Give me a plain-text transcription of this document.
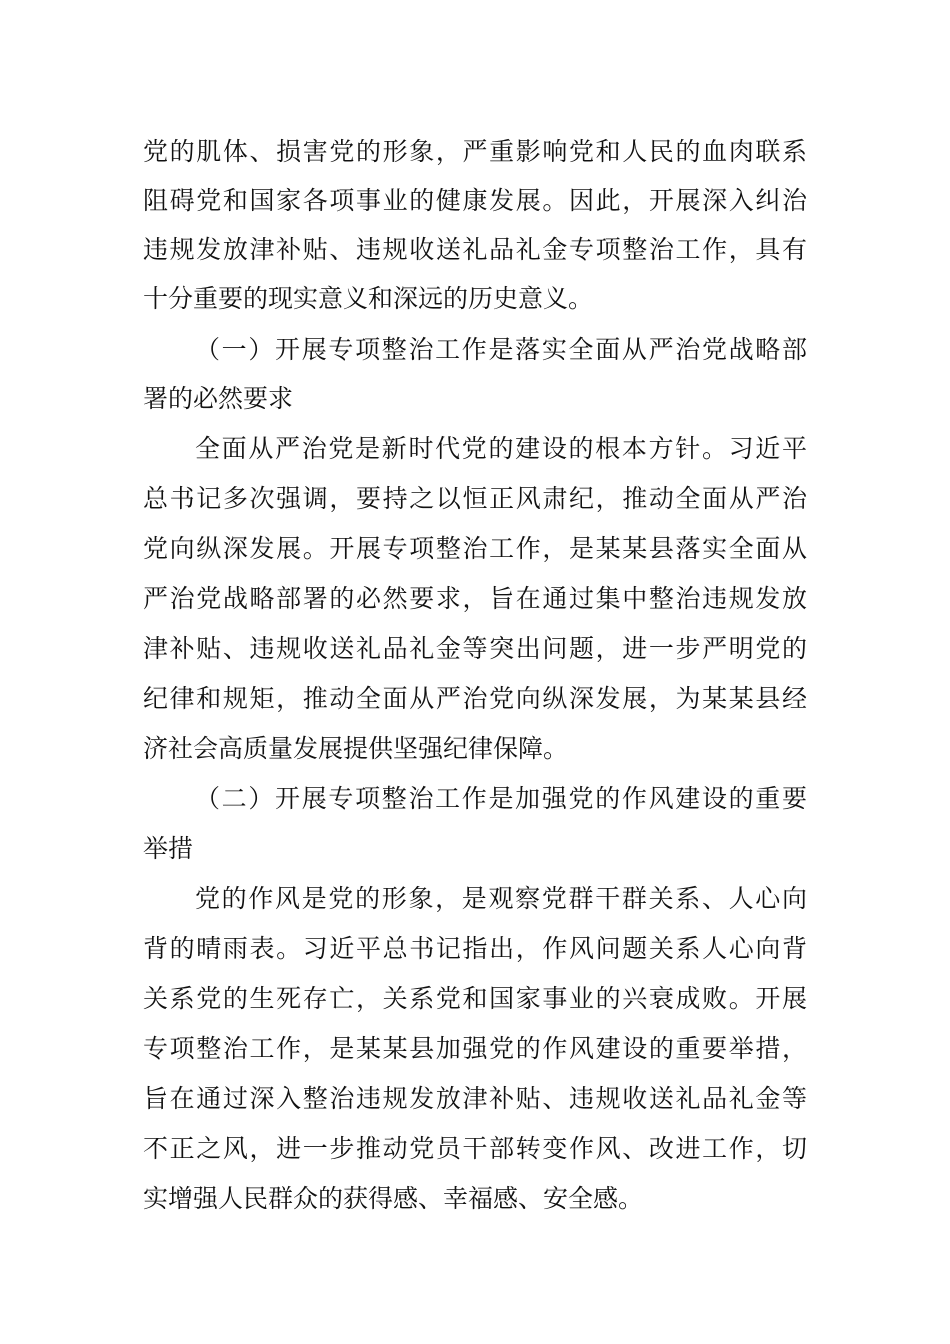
党的肌体、损害党的形象，严重影响党和人民的血肉联系
阻碍党和国家各项事业的健康发展。因此，开展深入纠治
违规发放津补贴、违规收送礼品礼金专项整治工作，具有
十分重要的现实意义和深远的历史意义。
（一）开展专项整治工作是落实全面从严治党战略部
署的必然要求
全面从严治党是新时代党的建设的根本方针。习近平
总书记多次强调，要持之以恒正风肃纪，推动全面从严治
党向纵深发展。开展专项整治工作，是某某县落实全面从
严治党战略部署的必然要求，旨在通过集中整治违规发放
津补贴、违规收送礼品礼金等突出问题，进一步严明党的
纪律和规矩，推动全面从严治党向纵深发展，为某某县经
济社会高质量发展提供坚强纪律保障。
（二）开展专项整治工作是加强党的作风建设的重要
举措
党的作风是党的形象，是观察党群干群关系、人心向
背的晴雨表。习近平总书记指出，作风问题关系人心向背
关系党的生死存亡，关系党和国家事业的兴衰成败。开展
专项整治工作，是某某县加强党的作风建设的重要举措，
旨在通过深入整治违规发放津补贴、违规收送礼品礼金等
不正之风，进一步推动党员干部转变作风、改进工作，切
实增强人民群众的获得感、幸福感、安全感。
